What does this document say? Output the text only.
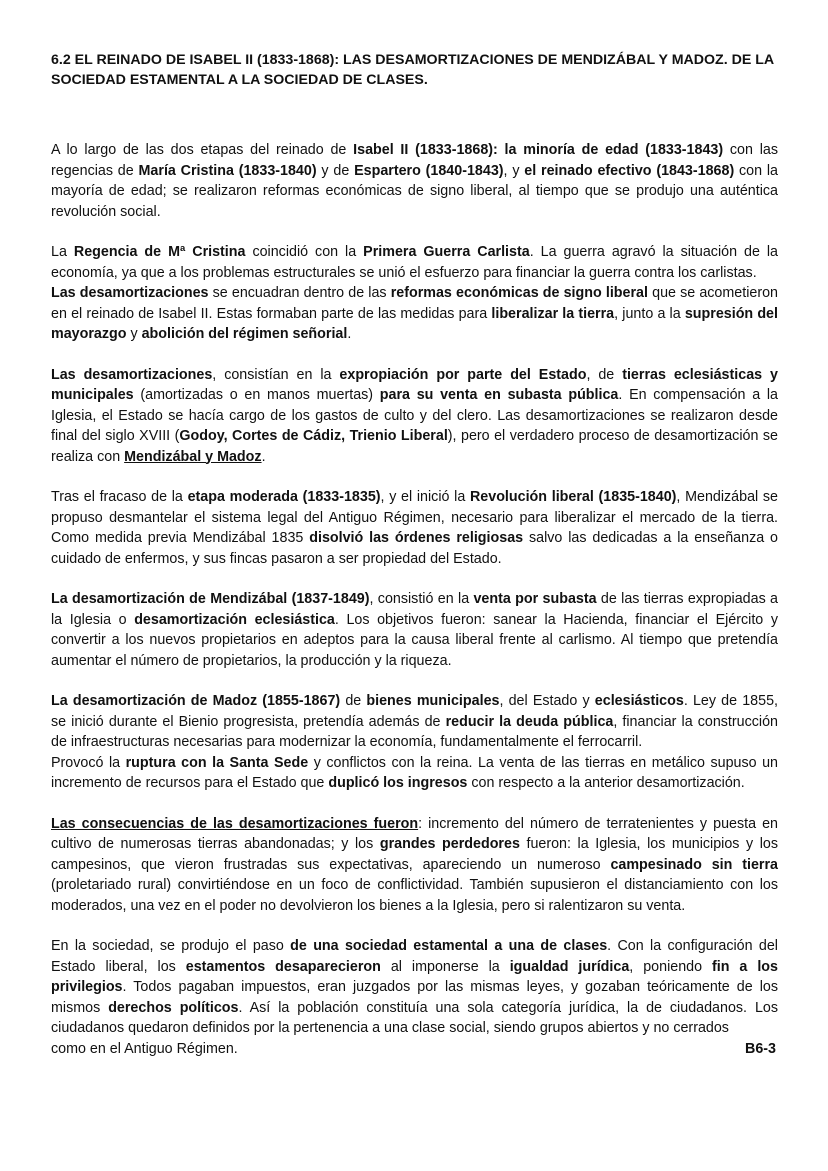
6.2 EL REINADO DE ISABEL II (1833-1868): LAS DESAMORTIZACIONES DE MENDIZÁBAL Y MADOZ. DE LA SOCIEDAD ESTAMENTAL A LA SOCIEDAD DE CLASES.

A lo largo de las dos etapas del reinado de Isabel II (1833-1868): la minoría de edad (1833-1843) con las regencias de María Cristina (1833-1840) y de Espartero (1840-1843), y el reinado efectivo (1843-1868) con la mayoría de edad; se realizaron reformas económicas de signo liberal, al tiempo que se produjo una auténtica revolución social.

La Regencia de Mª Cristina coincidió con la Primera Guerra Carlista. La guerra agravó la situación de la economía, ya que a los problemas estructurales se unió el esfuerzo para financiar la guerra contra los carlistas.

Las desamortizaciones se encuadran dentro de las reformas económicas de signo liberal que se acometieron en el reinado de Isabel II. Estas formaban parte de las medidas para liberalizar la tierra, junto a la supresión del mayorazgo y abolición del régimen señorial.

Las desamortizaciones, consistían en la expropiación por parte del Estado, de tierras eclesiásticas y municipales (amortizadas o en manos muertas) para su venta en subasta pública. En compensación a la Iglesia, el Estado se hacía cargo de los gastos de culto y del clero. Las desamortizaciones se realizaron desde final del siglo XVIII (Godoy, Cortes de Cádiz, Trienio Liberal), pero el verdadero proceso de desamortización se realiza con Mendizábal y Madoz.

Tras el fracaso de la etapa moderada (1833-1835), y el inició la Revolución liberal (1835-1840), Mendizábal se propuso desmantelar el sistema legal del Antiguo Régimen, necesario para liberalizar el mercado de la tierra. Como medida previa Mendizábal 1835 disolvió las órdenes religiosas salvo las dedicadas a la enseñanza o cuidado de enfermos, y sus fincas pasaron a ser propiedad del Estado.

La desamortización de Mendizábal (1837-1849), consistió en la venta por subasta de las tierras expropiadas a la Iglesia o desamortización eclesiástica. Los objetivos fueron: sanear la Hacienda, financiar el Ejército y convertir a los nuevos propietarios en adeptos para la causa liberal frente al carlismo. Al tiempo que pretendía aumentar el número de propietarios, la producción y la riqueza.

La desamortización de Madoz (1855-1867) de bienes municipales, del Estado y eclesiásticos. Ley de 1855, se inició durante el Bienio progresista, pretendía además de reducir la deuda pública, financiar la construcción de infraestructuras necesarias para modernizar la economía, fundamentalmente el ferrocarril.

Provocó la ruptura con la Santa Sede y conflictos con la reina. La venta de las tierras en metálico supuso un incremento de recursos para el Estado que duplicó los ingresos con respecto a la anterior desamortización.

Las consecuencias de las desamortizaciones fueron: incremento del número de terratenientes y puesta en cultivo de numerosas tierras abandonadas; y los grandes perdedores fueron: la Iglesia, los municipios y los campesinos, que vieron frustradas sus expectativas, apareciendo un numeroso campesinado sin tierra (proletariado rural) convirtiéndose en un foco de conflictividad. También supusieron el distanciamiento con los moderados, una vez en el poder no devolvieron los bienes a la Iglesia, pero si ralentizaron su venta.

En la sociedad, se produjo el paso de una sociedad estamental a una de clases. Con la configuración del Estado liberal, los estamentos desaparecieron al imponerse la igualdad jurídica, poniendo fin a los privilegios. Todos pagaban impuestos, eran juzgados por las mismas leyes, y gozaban teóricamente de los mismos derechos políticos. Así la población constituía una sola categoría jurídica, la de ciudadanos. Los ciudadanos quedaron definidos por la pertenencia a una clase social, siendo grupos abiertos y no cerrados

como en el Antiguo Régimen.	B6-3
